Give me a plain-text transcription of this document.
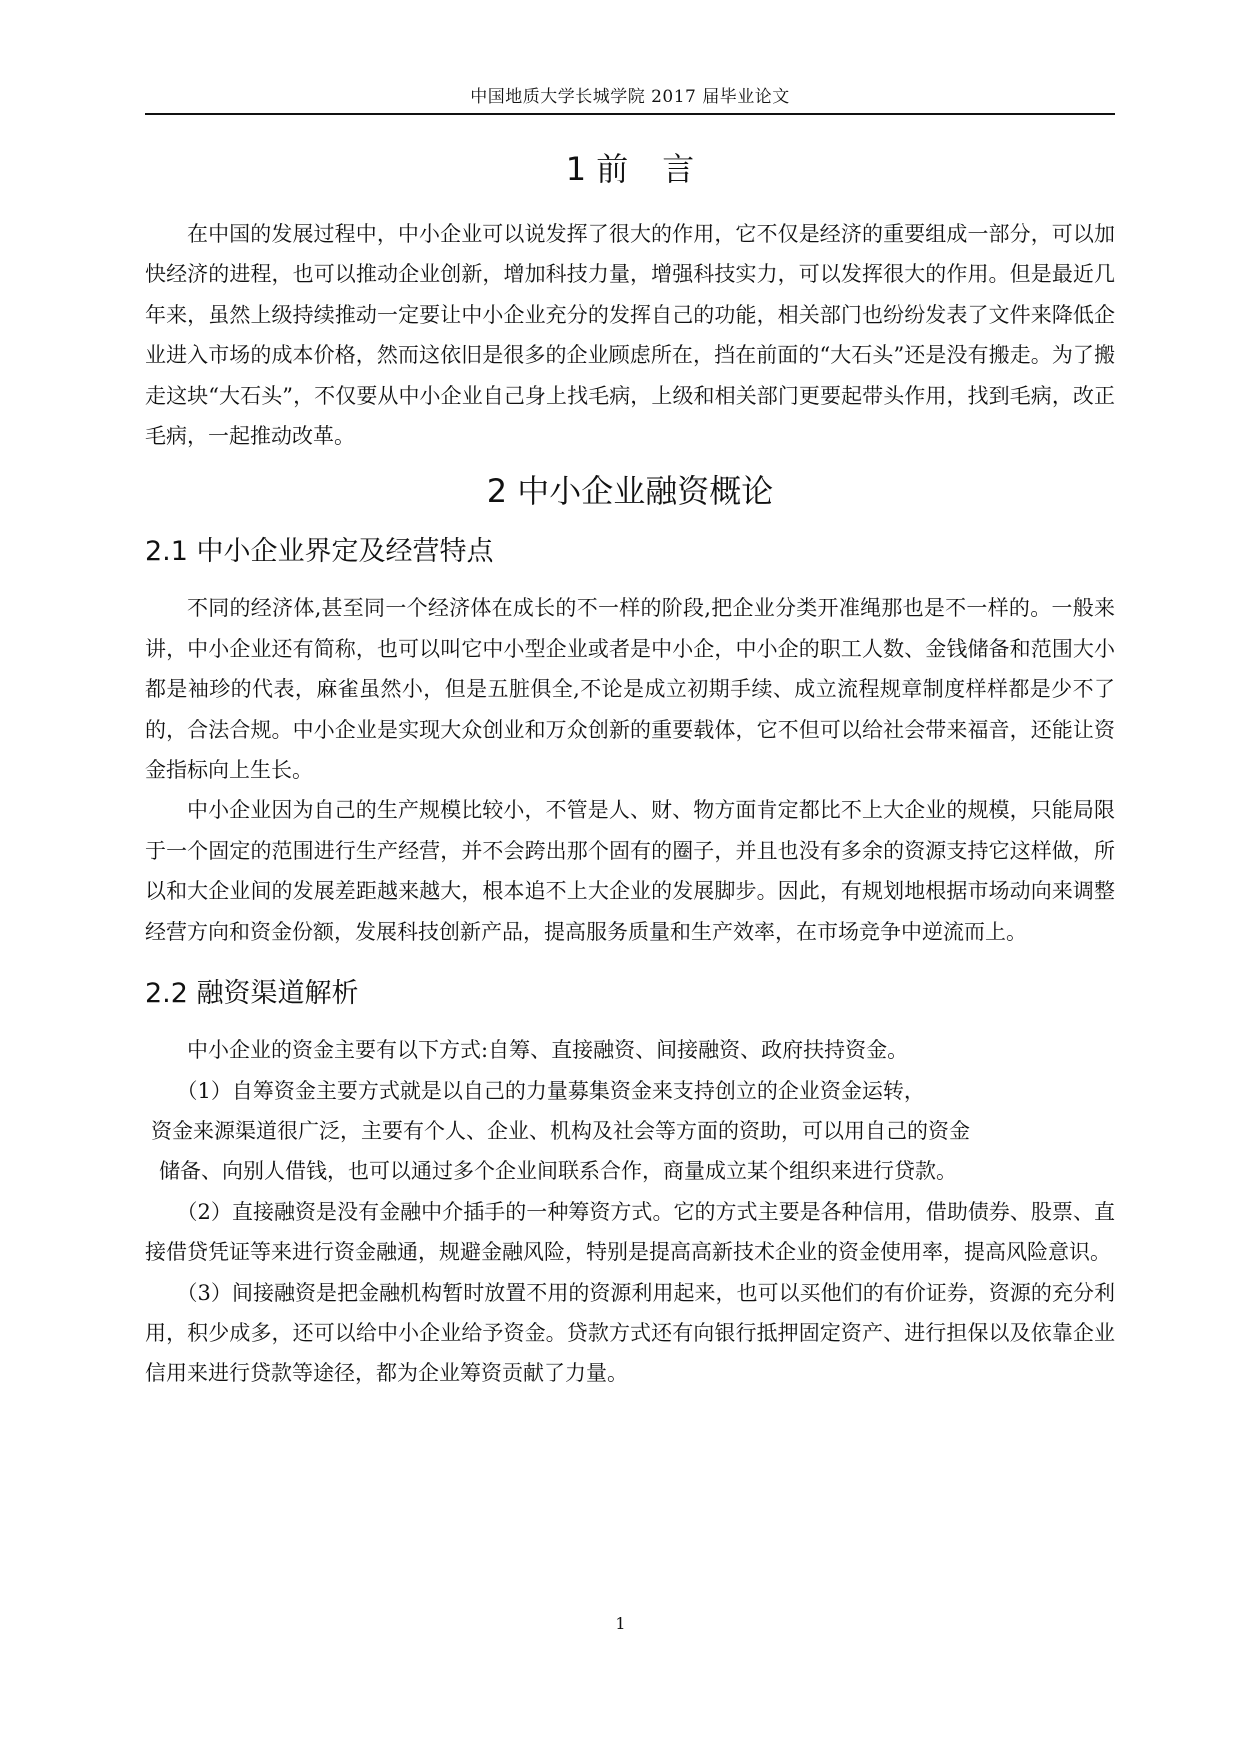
中国地质大学长城学院 2017 届毕业论文
1 前 言

在中国的发展过程中，中小企业可以说发挥了很大的作用，它不仅是经济的重要组成一部分，可以加快经济的进程，也可以推动企业创新，增加科技力量，增强科技实力，可以发挥很大的作用。但是最近几年来，虽然上级持续推动一定要让中小企业充分的发挥自己的功能，相关部门也纷纷发表了文件来降低企业进入市场的成本价格，然而这依旧是很多的企业顾虑所在，挡在前面的“大石头”还是没有搬走。为了搬走这块“大石头”，不仅要从中小企业自己身上找毛病，上级和相关部门更要起带头作用，找到毛病，改正毛病，一起推动改革。

2 中小企业融资概论
2.1 中小企业界定及经营特点

不同的经济体,甚至同一个经济体在成长的不一样的阶段,把企业分类开准绳那也是不一样的。一般来讲，中小企业还有简称，也可以叫它中小型企业或者是中小企，中小企的职工人数、金钱储备和范围大小都是袖珍的代表，麻雀虽然小，但是五脏俱全,不论是成立初期手续、成立流程规章制度样样都是少不了的，合法合规。中小企业是实现大众创业和万众创新的重要载体，它不但可以给社会带来福音，还能让资金指标向上生长。

中小企业因为自己的生产规模比较小，不管是人、财、物方面肯定都比不上大企业的规模，只能局限于一个固定的范围进行生产经营，并不会跨出那个固有的圈子，并且也没有多余的资源支持它这样做，所以和大企业间的发展差距越来越大，根本追不上大企业的发展脚步。因此，有规划地根据市场动向来调整经营方向和资金份额，发展科技创新产品，提高服务质量和生产效率，在市场竞争中逆流而上。

2.2 融资渠道解析

中小企业的资金主要有以下方式:自筹、直接融资、间接融资、政府扶持资金。

（1）自筹资金主要方式就是以自己的力量募集资金来支持创立的企业资金运转，
资金来源渠道很广泛，主要有个人、企业、机构及社会等方面的资助，可以用自己的资金
储备、向别人借钱，也可以通过多个企业间联系合作，商量成立某个组织来进行贷款。
（2）直接融资是没有金融中介插手的一种筹资方式。它的方式主要是各种信用，借助债券、股票、直接借贷凭证等来进行资金融通，规避金融风险，特别是提高高新技术企业的资金使用率，提高风险意识。
（3）间接融资是把金融机构暂时放置不用的资源利用起来，也可以买他们的有价证券，资源的充分利用，积少成多，还可以给中小企业给予资金。贷款方式还有向银行抵押固定资产、进行担保以及依靠企业信用来进行贷款等途径，都为企业筹资贡献了力量。
1
